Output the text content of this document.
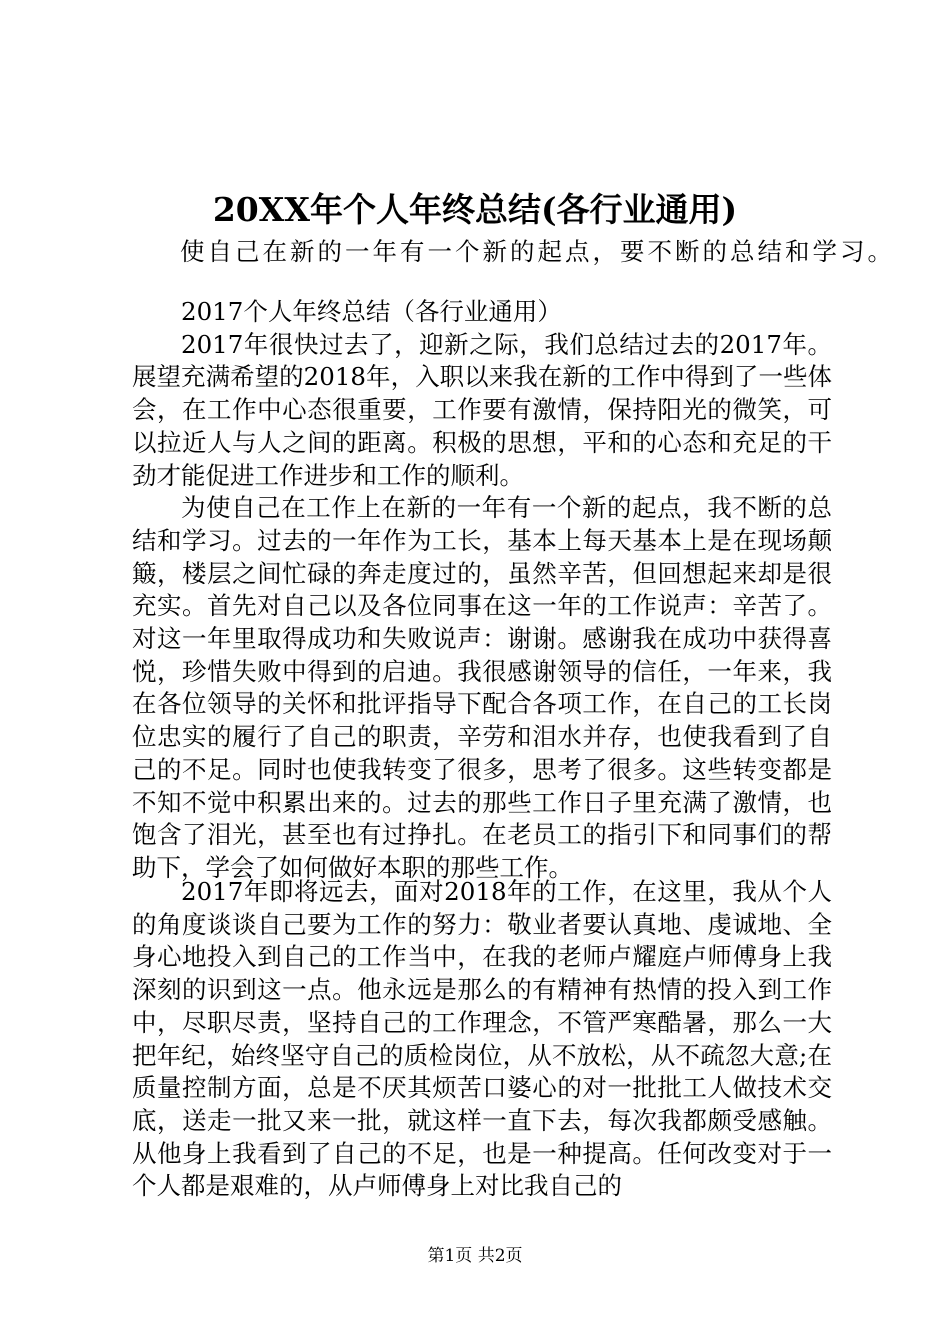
20XX年个人年终总结(各行业通用)
使自己在新的一年有一个新的起点，要不断的总结和学习。

2017个人年终总结（各行业通用）

2017年很快过去了，迎新之际，我们总结过去的2017年。展望充满希望的2018年，入职以来我在新的工作中得到了一些体会，在工作中心态很重要，工作要有激情，保持阳光的微笑，可以拉近人与人之间的距离。积极的思想，平和的心态和充足的干劲才能促进工作进步和工作的顺利。

为使自己在工作上在新的一年有一个新的起点，我不断的总结和学习。过去的一年作为工长，基本上每天基本上是在现场颠簸，楼层之间忙碌的奔走度过的，虽然辛苦，但回想起来却是很充实。首先对自己以及各位同事在这一年的工作说声：辛苦了。对这一年里取得成功和失败说声：谢谢。感谢我在成功中获得喜悦，珍惜失败中得到的启迪。我很感谢领导的信任，一年来，我在各位领导的关怀和批评指导下配合各项工作，在自己的工长岗位忠实的履行了自己的职责，辛劳和泪水并存，也使我看到了自己的不足。同时也使我转变了很多，思考了很多。这些转变都是不知不觉中积累出来的。过去的那些工作日子里充满了激情，也饱含了泪光，甚至也有过挣扎。在老员工的指引下和同事们的帮助下，学会了如何做好本职的那些工作。

2017年即将远去，面对2018年的工作，在这里，我从个人的角度谈谈自己要为工作的努力：敬业者要认真地、虔诚地、全身心地投入到自己的工作当中，在我的老师卢耀庭卢师傅身上我深刻的识到这一点。他永远是那么的有精神有热情的投入到工作中，尽职尽责，坚持自己的工作理念，不管严寒酷暑，那么一大把年纪，始终坚守自己的质检岗位，从不放松，从不疏忽大意;在质量控制方面，总是不厌其烦苦口婆心的对一批批工人做技术交底，送走一批又来一批，就这样一直下去，每次我都颇受感触。从他身上我看到了自己的不足，也是一种提高。任何改变对于一个人都是艰难的，从卢师傅身上对比我自己的

第1页 共2页
